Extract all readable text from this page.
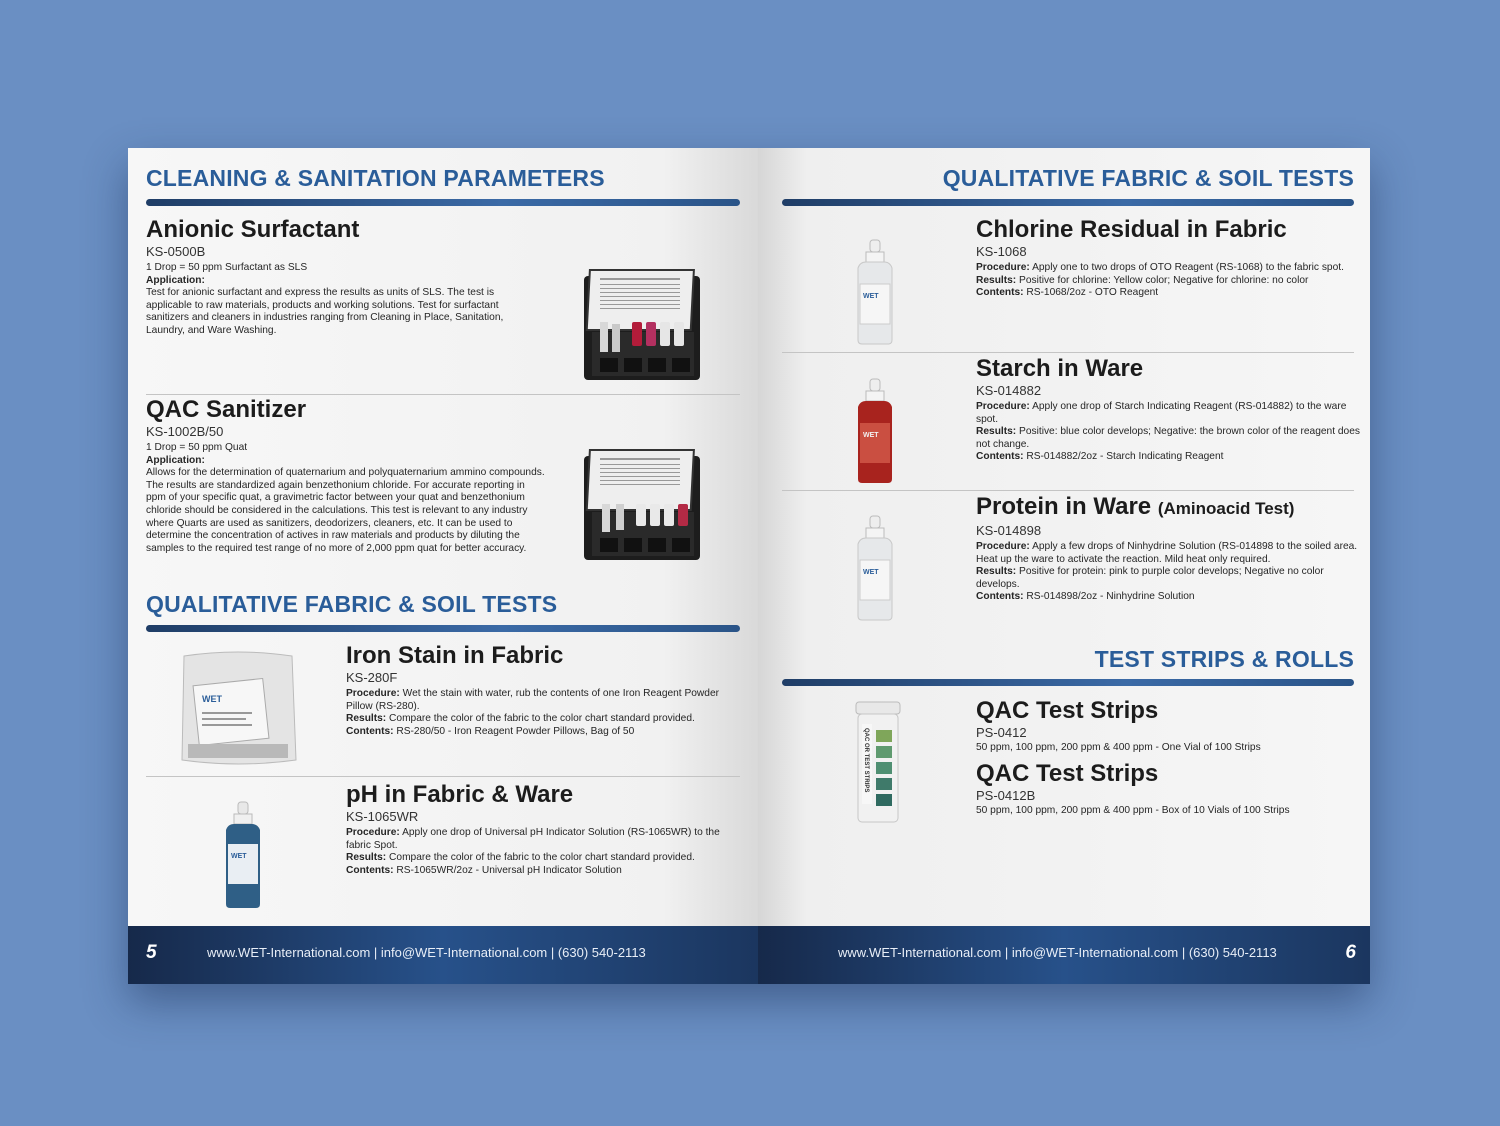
CLEANING & SANITATION PARAMETERS
Anionic Surfactant
KS-0500B
1 Drop = 50 ppm Surfactant as SLS
Application:
Test for anionic surfactant and express the results as units of SLS. The test is applicable to raw materials, products and working solutions. Test for surfactant sanitizers and cleaners in industries ranging from Cleaning in Place, Sanitation, Laundry, and Ware Washing.
QAC Sanitizer
KS-1002B/50
1 Drop = 50 ppm Quat
Application:
Allows for the determination of quaternarium and polyquaternarium ammino compounds. The results are standardized again benzethonium chloride. For accurate reporting in ppm of your specific quat, a gravimetric factor between your quat and benzethonium chloride should be considered in the calculations. This test is relevant to any industry where Quarts are used as sanitizers, deodorizers, cleaners, etc. It can be used to determine the concentration of actives in raw materials and products by diluting the samples to the required test range of no more of 2,000 ppm quat for better accuracy.
QUALITATIVE FABRIC & SOIL TESTS
WET
Iron Stain in Fabric
KS-280F
Procedure: Wet the stain with water, rub the contents of one Iron Reagent Powder Pillow (RS-280).
Results: Compare the color of the fabric to the color chart standard provided.
Contents: RS-280/50 - Iron Reagent Powder Pillows, Bag of 50
WET
pH in Fabric & Ware
KS-1065WR
Procedure: Apply one drop of Universal pH Indicator Solution (RS-1065WR) to the fabric Spot.
Results: Compare the color of the fabric to the color chart standard provided.
Contents: RS-1065WR/2oz - Universal pH Indicator Solution
5	www.WET-International.com | info@WET-International.com | (630) 540-2113
QUALITATIVE FABRIC & SOIL TESTS
WET
Chlorine Residual in Fabric
KS-1068
Procedure: Apply one to two drops of OTO Reagent (RS-1068) to the fabric spot.
Results: Positive for chlorine: Yellow color; Negative for chlorine: no color
Contents: RS-1068/2oz - OTO Reagent
WET
Starch in Ware
KS-014882
Procedure: Apply one drop of Starch Indicating Reagent (RS-014882) to the ware spot.
Results: Positive: blue color develops; Negative: the brown color of the reagent does not change.
Contents: RS-014882/2oz - Starch Indicating Reagent
WET
Protein in Ware (Aminoacid Test)
KS-014898
Procedure: Apply a few drops of Ninhydrine Solution (RS-014898 to the soiled area. Heat up the ware to activate the reaction. Mild heat only required.
Results: Positive for protein: pink to purple color develops; Negative no color develops.
Contents: RS-014898/2oz - Ninhydrine Solution
TEST STRIPS & ROLLS
QAC OR TEST STRIPS
QAC Test Strips
PS-0412
50 ppm, 100 ppm, 200 ppm & 400 ppm - One Vial of 100 Strips
QAC Test Strips
PS-0412B
50 ppm, 100 ppm, 200 ppm & 400 ppm - Box of 10 Vials of 100 Strips
www.WET-International.com | info@WET-International.com | (630) 540-2113	6
